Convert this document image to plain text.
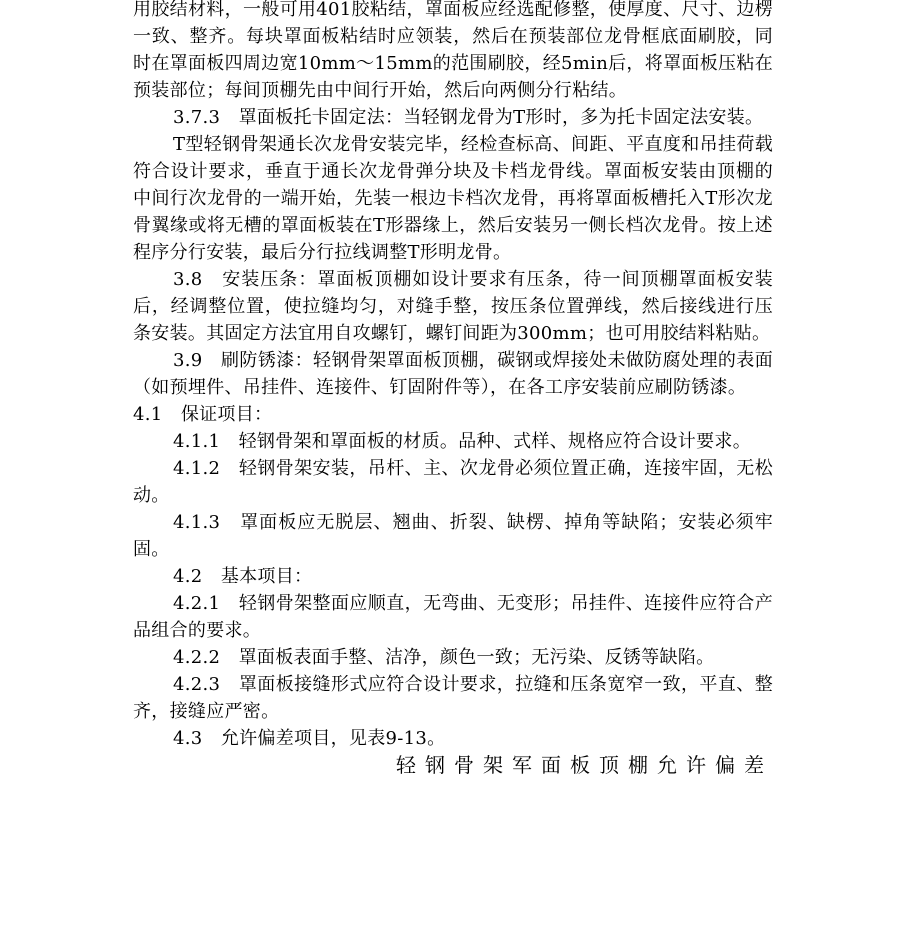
用胶结材料，一般可用401胶粘结，罩面板应经选配修整，使厚度、尺寸、边楞一致、整齐。每块罩面板粘结时应领装，然后在预装部位龙骨框底面刷胶，同时在罩面板四周边宽10mm～15mm的范围刷胶，经5min后，将罩面板压粘在预装部位；每间顶棚先由中间行开始，然后向两侧分行粘结。

3.7.3　罩面板托卡固定法：当轻钢龙骨为T形时，多为托卡固定法安装。

T型轻钢骨架通长次龙骨安装完毕，经检查标高、间距、平直度和吊挂荷载符合设计要求，垂直于通长次龙骨弹分块及卡档龙骨线。罩面板安装由顶棚的中间行次龙骨的一端开始，先装一根边卡档次龙骨，再将罩面板槽托入T形次龙骨翼缘或将无槽的罩面板装在T形器缘上，然后安装另一侧长档次龙骨。按上述程序分行安装，最后分行拉线调整T形明龙骨。

3.8　安装压条：罩面板顶棚如设计要求有压条，待一间顶棚罩面板安装后，经调整位置，使拉缝均匀，对缝手整，按压条位置弹线，然后接线进行压条安装。其固定方法宜用自攻螺钉，螺钉间距为300mm；也可用胶结料粘贴。

3.9　刷防锈漆：轻钢骨架罩面板顶棚，碳钢或焊接处未做防腐处理的表面（如预埋件、吊挂件、连接件、钉固附件等），在各工序安装前应刷防锈漆。

4.1　保证项目：

4.1.1　轻钢骨架和罩面板的材质。品种、式样、规格应符合设计要求。

4.1.2　轻钢骨架安装，吊杆、主、次龙骨必须位置正确，连接牢固，无松动。

4.1.3　罩面板应无脱层、翘曲、折裂、缺楞、掉角等缺陷；安装必须牢固。

4.2　基本项目：

4.2.1　轻钢骨架整面应顺直，无弯曲、无变形；吊挂件、连接件应符合产品组合的要求。

4.2.2　罩面板表面手整、洁净，颜色一致；无污染、反锈等缺陷。

4.2.3　罩面板接缝形式应符合设计要求，拉缝和压条宽窄一致，平直、整齐，接缝应严密。

4.3　允许偏差项目，见表9-13。

轻钢骨架军面板顶棚允许偏差
